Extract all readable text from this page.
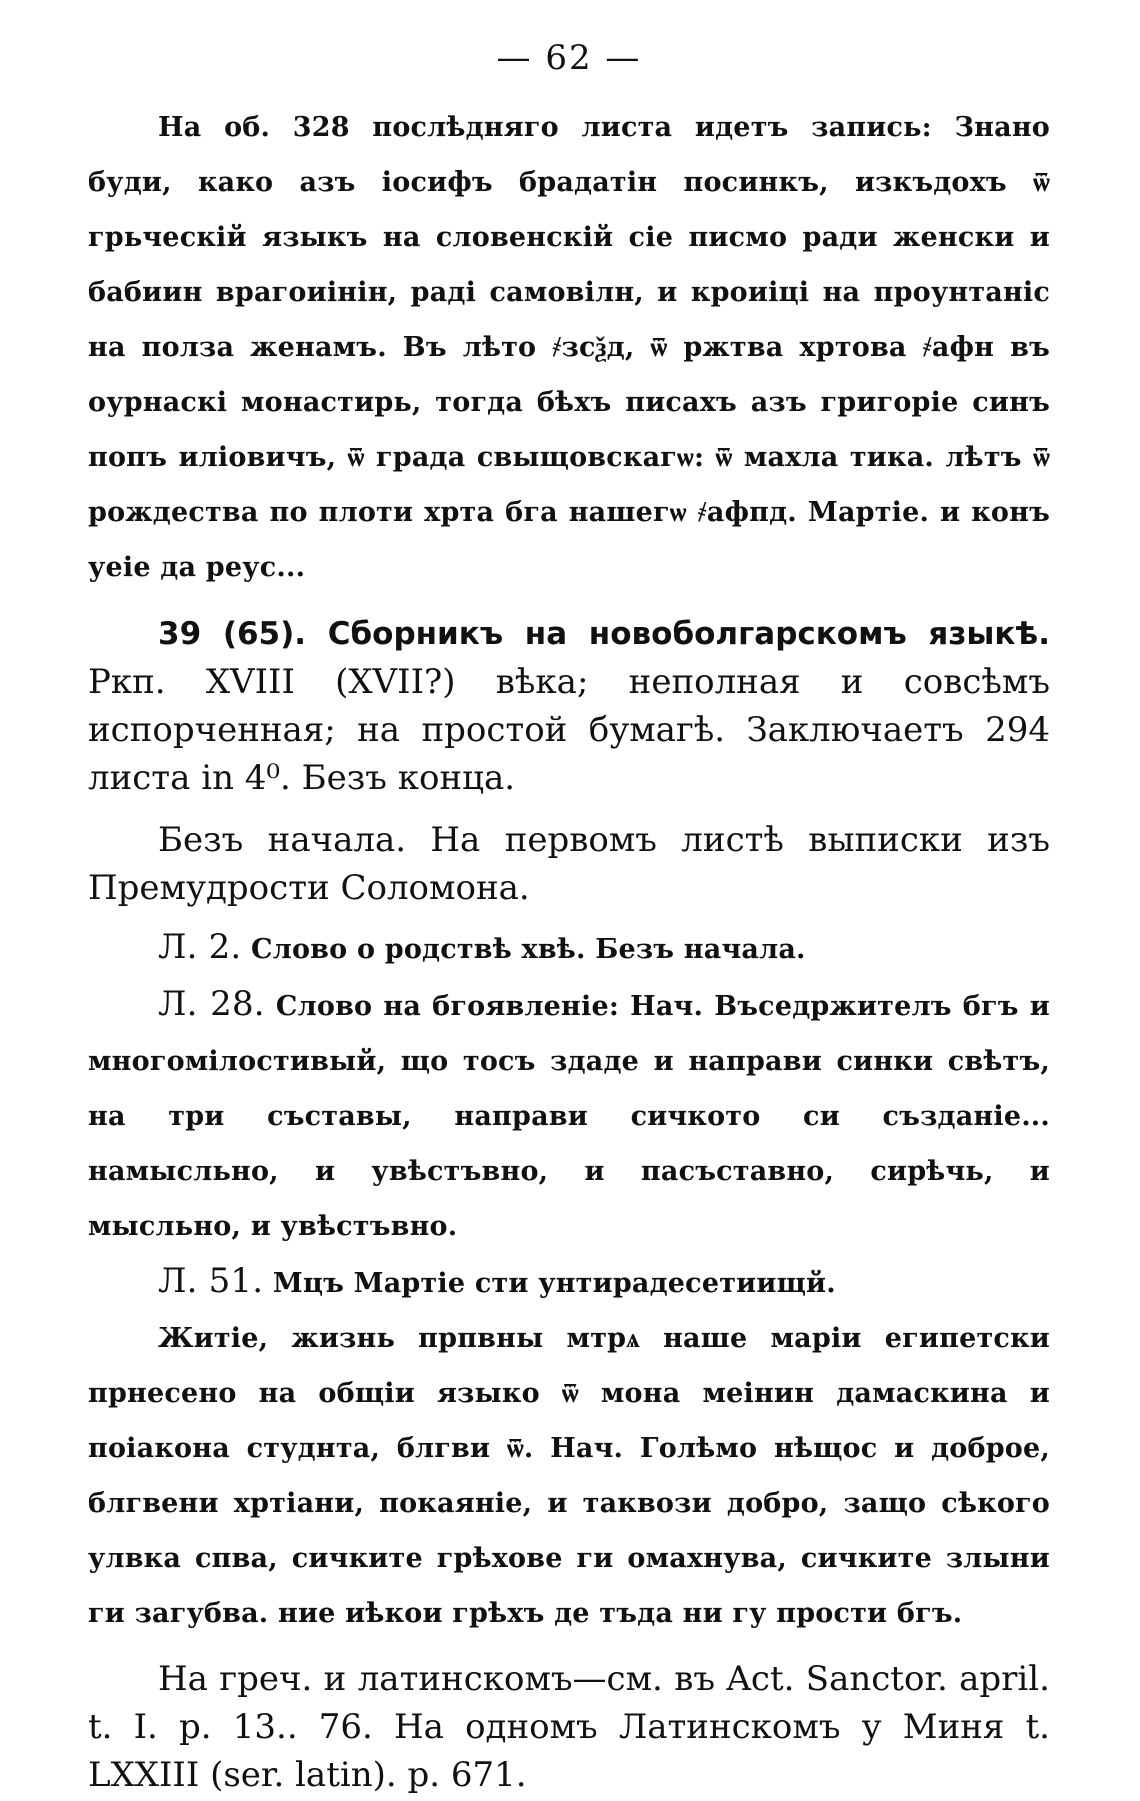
— 62 —

На об. 328 послѣдняго листа идетъ запись: Знано буди, како азъ іосифъ брадатiн посинкъ, изкъдохъ ѿ грьческiй языкъ на словенскiй сiе писмо ради женски и бабиин врагоиiнiн, радi самовiлн, и кроиiцi на проунтаніс на полза женамъ. Въ лѣто ҂зсѯд, ѿ ржтва хртова ҂афн въ оурнаскi монастирь, тогда бѣхъ писахъ азъ григорiе синъ попъ иліовичъ, ѿ града свыщовскагѡ: ѿ махла тика. лѣтъ ѿ рождества по плоти хрта бга нашегѡ ҂афпд. Мартіе. и конъ уеiе да реус...

39 (65). Сборникъ на новоболгарскомъ языкѣ. Ркп. XVIII (XVII?) вѣка; неполная и совсѣмъ испорченная; на простой бумагѣ. Заключаетъ 294 листа in 4⁰. Безъ конца.

Безъ начала. На первомъ листѣ выписки изъ Премудрости Соломона.

Л. 2. Слово о родствѣ хвѣ. Безъ начала.

Л. 28. Слово на бгоявленiе: Нач. Въседржителъ бгъ и многомiлостивый, що тосъ здаде и направи синки свѣтъ, на три съставы, направи сичкото си създаніе... намысльно, и увѣстъвно, и пасъставно, сирѣчь, и мысльно, и увѣстъвно.

Л. 51. Мцъ Мартiе сти унтирадесетиищй.

Житіе, жизнь прпвны мтрѧ наше марiи египетски прнесено на общiи языко ѿ мона меiнин дамаскина и поiакона студнта, блгви ѿ. Нач. Голѣмо нѣщос и доброе, блгвени хртiани, покаяніе, и таквози добро, защо сѣкого улвка спва, сичките грѣхове ги омахнува, сичките злыни ги загубва. ние иѣкои грѣхъ де тъда ни гу прости бгъ.

На греч. и латинскомъ—см. въ Act. Sanctor. april. t. I. p. 13.. 76. На одномъ Латинскомъ у Миня t. LXXIII (ser. latin). p. 671.
